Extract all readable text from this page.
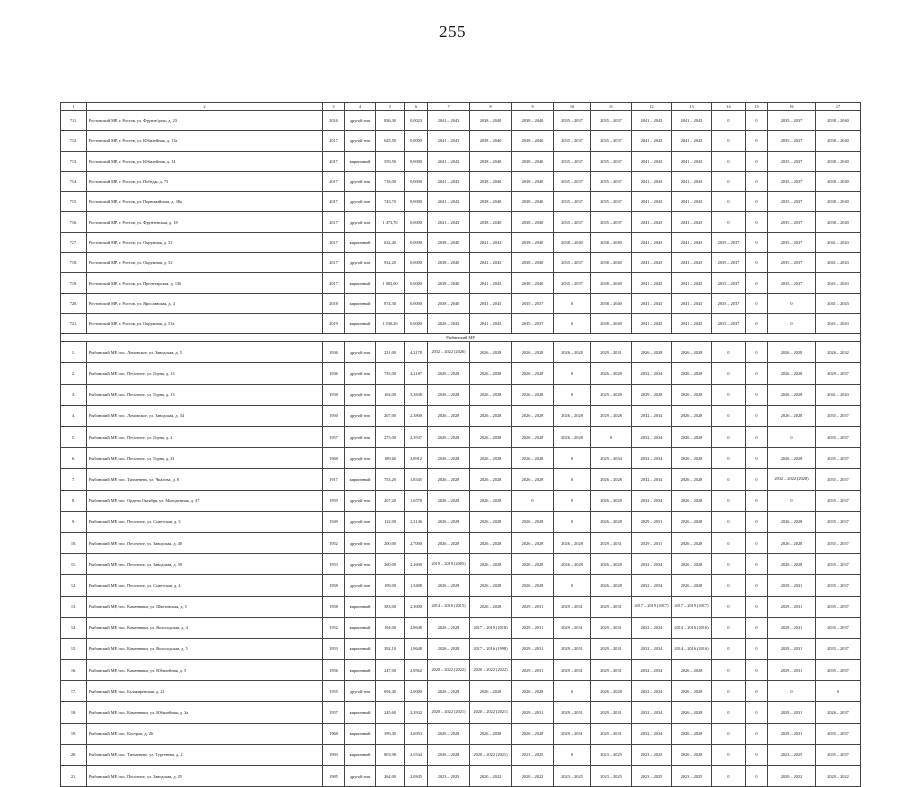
255
1	2	3	4	5	6	7	8	9	10	11	12	13	14	15	16	17
711.	Ростовский МР, г. Ростов, ул. Фрунзе/даль, д. 23	2016	другой тип	836,30	0,0023	2041 – 2043	2038 – 2040	2038 – 2040	2035 – 2037	2035 – 2037	2041 – 2043	2041 – 2043	0	0	2035 – 2037	2038 – 2040
712.	Ростовский МР, г. Ростов, ул. Юбилейная, д. 13а	2017	другой тип	625,50	0,0000	2041 – 2043	2038 – 2040	2038 – 2040	2035 – 2037	2035 – 2037	2041 – 2043	2041 – 2043	0	0	2035 – 2037	2038 – 2040
713.	Ростовский МР, г. Ростов, ул. Юбилейная, д. 14	2017	кирпичный	559,50	0,0000	2041 – 2043	2038 – 2040	2038 – 2040	2035 – 2037	2035 – 2037	2041 – 2043	2041 – 2043	0	0	2035 – 2037	2038 – 2040
714.	Ростовский МР, г. Ростов, ул. Победы, д. 73	2017	другой тип	718,00	0,0000	2041 – 2043	2038 – 2040	2038 – 2040	2035 – 2037	2035 – 2037	2041 – 2043	2041 – 2043	0	0	2035 – 2037	2038 – 2040
715.	Ростовский МР, г. Ростов, ул. Первомайская, д. 38а	2017	другой тип	743,70	0,0000	2041 – 2043	2038 – 2040	2038 – 2040	2035 – 2037	2035 – 2037	2041 – 2043	2041 – 2043	0	0	2035 – 2037	2038 – 2040
716.	Ростовский МР, г. Ростов, ул. Фрунзенская, д. 18	2017	другой тип	1 473,70	0,0000	2041 – 2043	2038 – 2040	2038 – 2040	2035 – 2037	2035 – 2037	2041 – 2043	2041 – 2043	0	0	2035 – 2037	2038 – 2040
717.	Ростовский МР, г. Ростов, ул. Окружная, д. 52	2017	кирпичный	632,40	0,0000	2038 – 2040	2041 – 2043	2038 – 2040	2038 – 2040	2038 – 2040	2041 – 2043	2041 – 2043	2035 – 2037	0	2035 – 2037	2041 – 2043
718.	Ростовский МР, г. Ростов, ул. Окружная, д. 52	2017	другой тип	932,20	0,0000	2038 – 2040	2041 – 2043	2038 – 2040	2035 – 2037	2038 – 2040	2041 – 2043	2041 – 2043	2035 – 2037	0	2035 – 2037	2041 – 2043
719.	Ростовский МР, г. Ростов, ул. Пролетарская, д. 136	2017	кирпичный	1 083,60	0,0000	2038 – 2040	2041 – 2043	2038 – 2040	2035 – 2037	2038 – 2040	2041 – 2043	2041 – 2043	2035 – 2037	0	2035 – 2037	2041 – 2043
720.	Ростовский МР, г. Ростов, ул. Ярославская, д. 4	2018	кирпичный	874,30	0,0000	2038 – 2040	2041 – 2043	2035 – 2037	0	2038 – 2040	2041 – 2043	2041 – 2043	2035 – 2037	0	0	2041 – 2043
721.	Ростовский МР, г. Ростов, ул. Окружная, д. 51а	2019	кирпичный	1 530,20	0,0000	2026 – 2043	2041 – 2043	2035 – 2037	0	2038 – 2040	2041 – 2043	2041 – 2043	2035 – 2037	0	0	2041 – 2043
Рыбинский МР																
1.	Рыбинский МР, пос. Ломовское, ул. Заводская, д. 5	1936	другой тип	231,00	4,2178	2032 – 2022 (2026)	2026 – 2028	2026 – 2028	2026 – 2028	2029 – 2031	2026 – 2028	2026 – 2028	0	0	2026 – 2028	2026 – 2032
2.	Рыбинский МР, пос. Песочное, ул. Горна, д. 13	1936	другой тип	735,00	4,2187	2026 – 2028	2026 – 2028	2026 – 2028	0	2026 – 2028	2032 – 2034	2026 – 2028	0	0	2026 – 2028	2029 – 2037
3.	Рыбинский МР, пос. Песочное, ул. Горна, д. 13	1938	другой тип	164,00	3,3638	2026 – 2028	2026 – 2028	2026 – 2028	0	2029 – 2028	2029 – 2028	2026 – 2028	0	0	2026 – 2028	2041 – 2043
4.	Рыбинский МР, пос. Ломовское, ул. Заводская, д. 34	1950	другой тип	207,00	2,3800	2026 – 2028	2026 – 2028	2026 – 2028	2026 – 2028	2029 – 2028	2032 – 2034	2026 – 2028	0	0	2026 – 2028	2035 – 2037
5.	Рыбинский МР, пос. Песочное, ул. Горна, д. 2	1957	другой тип	275,00	2,3937	2026 – 2028	2026 – 2028	2026 – 2028	2026 – 2028	0	2032 – 2034	2026 – 2028	0	0	0	2035 – 2037
6.	Рыбинский МР, пос. Песочное, ул. Горна, д. 21	1968	другой тип	189,60	3,8912	2026 – 2028	2026 – 2028	2026 – 2028	0	2029 – 2034	2032 – 2034	2026 – 2028	0	0	2026 – 2028	2035 – 2037
7.	Рыбинский МР, пос. Тихменево, ул. Чкалова, д. 8	1917	кирпичный	753,20	1,8345	2026 – 2028	2026 – 2028	2026 – 2028	0	2026 – 2028	2032 – 2034	2026 – 2028	0	0	2032 – 2022 (2028)	2035 – 2037
8.	Рыбинский МР, пос. Ордена Октября, ул. Молодежная, д. 47	1959	другой тип	207,20	1,6578	2026 – 2028	2026 – 2028	0	0	2026 – 2028	2032 – 2034	2026 – 2028	0	0	0	2035 – 2037
9.	Рыбинский МР, пос. Песочное, ул. Советская, д. 3	1949	другой тип	122,00	2,3146	2026 – 2028	2026 – 2028	2026 – 2028	0	2026 – 2028	2029 – 2031	2026 – 2028	0	0	2026 – 2028	2035 – 2037
10.	Рыбинский МР, пос. Песочное, ул. Заводская, д. 40	1952	другой тип	200,00	2,7000	2026 – 2028	2026 – 2028	2026 – 2028	2026 – 2028	2029 – 2031	2029 – 2031	2026 – 2028	0	0	2026 – 2028	2035 – 2037
11.	Рыбинский МР, пос. Песочное, ул. Заводская, д. 39	1953	другой тип	260,00	2,2600	2019 – 2019 (2005)	2026 – 2028	2026 – 2028	2026 – 2028	2026 – 2028	2032 – 2034	2026 – 2028	0	0	2026 – 2028	2035 – 2037
12.	Рыбинский МР, пос. Песочное, ул. Советская, д. 4	1958	другой тип	109,00	1,3408	2026 – 2028	2026 – 2028	2026 – 2028	0	2026 – 2028	2032 – 2034	2026 – 2028	0	0	2029 – 2031	2035 – 2037
13.	Рыбинский МР, пос. Каменники, ул. Шкетовская, д. 5	1958	кирпичный	383,00	2,3000	2014 – 2016 (2015)	2026 – 2028	2029 – 2031	2029 – 2031	2029 – 2031	2017 – 2019 (2017)	2017 – 2019 (2017)	0	0	2029 – 2031	2035 – 2037
14.	Рыбинский МР, пос. Каменники, ул. Вологодская, д. 4	1952	кирпичный	194,00	2,8648	2026 – 2028	2017 – 2019 (2018)	2029 – 2031	2029 – 2031	2029 – 2031	2032 – 2034	2014 – 2016 (2016)	0	0	2029 – 2031	2035 – 2037
15.	Рыбинский МР, пос. Каменники, ул. Вологодская, д. 5	1953	кирпичный	392,10	1,8648	2026 – 2028	2017 – 2016 (1998)	2029 – 2031	2029 – 2031	2029 – 2031	2032 – 2034	2014 – 2016 (2016)	0	0	2029 – 2031	2035 – 2037
16.	Рыбинский МР, пос. Каменники, ул. Юбилейная, д. 5	1956	кирпичный	247,00	2,8562	2020 – 2022 (2022)	2020 – 2022 (2022)	2029 – 2031	2029 – 2031	2029 – 2031	2032 – 2034	2026 – 2028	0	0	2029 – 2031	2035 – 2037
17.	Рыбинский МР, пос. Балакиревская, д. 21	1955	другой тип	694,40	2,0000	2026 – 2028	2026 – 2028	2026 – 2028	0	2026 – 2028	2032 – 2034	2026 – 2028	0	0	0	0
18.	Рыбинский МР, пос. Каменники, ул. Юбилейная, д. 3а	1957	кирпичный	245,60	2,3932	2020 – 2022 (2021)	2020 – 2022 (2021)	2029 – 2031	2029 – 2031	2029 – 2031	2032 – 2034	2026 – 2028	0	0	2029 – 2031	2026 – 2037
19.	Рыбинский МР, пос. Костров, д. 26	1968	кирпичный	399,40	2,6953	2026 – 2028	2026 – 2028	2026 – 2028	2029 – 2031	2029 – 2031	2032 – 2034	2026 – 2028	0	0	2029 – 2031	2035 – 2037
20.	Рыбинский МР, пос. Тихменево, ул. Тургенева, д. 2	1993	кирпичный	803,98	2,5544	2026 – 2028	2020 – 2022 (2021)	2023 – 2025	0	2023 – 2025	2023 – 2025	2026 – 2028	0	0	2023 – 2025	2035 – 2037
21.	Рыбинский МР, пос. Песочное, ул. Заводская, д. 25	1985	другой тип	264,00	2,0845	2023 – 2025	2020 – 2022	2020 – 2022	2023 – 2025	2023 – 2025	2023 – 2025	2023 – 2025	0	0	2020 – 2022	2020 – 2022
